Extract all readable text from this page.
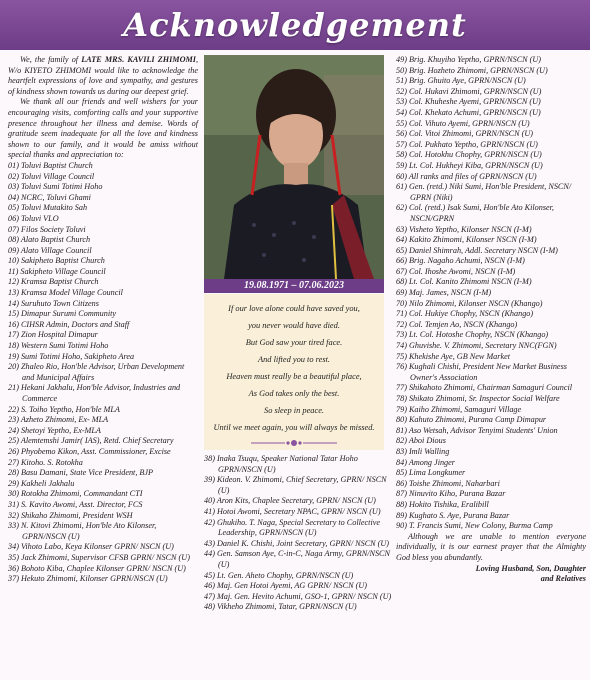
Acknowledgement

We, the family of LATE MRS. KAVILI ZHIMOMI, W/o KIYETO ZHIMOMI would like to acknowledge the heartfelt expressions of love and sympathy, and gestures of kindness shown towards us during our deepest grief.

We thank all our friends and well wishers for your encouraging visits, comforting calls and your supportive presence throughout her illness and demise. Words of gratitude seem inadequate for all the love and kindness shown to our family, and it would be amiss without special thanks and appreciation to:

01) Toluvi Baptist Church
02) Toluvi Village Council
03) Toluvi Sumi Totimi Hoho
04) NCRC, Toluvi Ghami
05) Toluvi Mutakito Sah
06) Toluvi VLO
07) Filos Society Toluvi
08) Alato Baptist Church
09) Alato Village Council
10) Sakipheto Baptist Church
11) Sakipheto Village Council
12) Kramsa Baptist Church
13) Kramsa Model Village Council
14) Suruhuto Town Citizens
15) Dimapur Surumi Community
16) CIHSR Admin, Doctors and Staff
17) Zion Hospital Dimapur
18) Western Sumi Totimi Hoho
19) Sumi Totimi Hoho, Sakipheto Area
20) Zhaleo Rio, Hon'ble Advisor, Urban Development and Municipal Affairs
21) Hekani Jakhalu, Hon'ble Advisor, Industries and Commerce
22) S. Toiho Yeptho, Hon'ble MLA
23) Azheto Zhimomi, Ex- MLA
24) Shetoyi Yeptho, Ex-MLA
25) Alemtemshi Jamir( IAS), Retd. Chief Secretary
26) Phyobemo Kikon, Asst. Commissioner, Excise
27) Kitoho. S. Rotokha
28) Basu Damani, State Vice President, BJP
29) Kakheli Jakhalu
30) Rotokha Zhimomi, Commandant CTI
31) S. Kavito Awomi, Asst. Director, FCS
32) Shikaho Zhimomi, President WSH
33) N. Kitovi Zhimomi, Hon'ble Ato Kilonser, GPRN/NSCN (U)
34) Vihoto Labo, Keya Kilonser GPRN/ NSCN (U)
35) Jack Zhimomi, Supervisor CFSB GPRN/ NSCN (U)
36) Bohoto Kiba, Chaplee Kilonser GPRN/ NSCN (U)
37) Hekuto Zhimomi, Kilonser GPRN/NSCN (U)
19.08.1971 – 07.06.2023
If our love alone could have saved you,
you never would have died.
But God saw your tired face.
And lifted you to rest.
Heaven must really be a beautiful place,
As God takes only the best.
So sleep in peace.
Until we meet again, you will always be missed.
38) Inaka Tsuqu, Speaker National Tatar Hoho GPRN/NSCN (U)
39) Kideon. V. Zhimomi, Chief Secretary, GPRN/ NSCN (U)
40) Aron Kits, Chaplee Secretary, GPRN/ NSCN (U)
41) Hotoi Awomi, Secretary NPAC, GPRN/ NSCN (U)
42) Ghukiho. T. Naga, Special Secretary to Collective Leadership, GPRN/NSCN (U)
43) Daniel K. Chishi, Joint Secretary, GPRN/ NSCN (U)
44) Gen. Samson Aye, C-in-C, Naga Army, GPRN/NSCN (U)
45) Lt. Gen. Aheto Chophy, GPRN/NSCN (U)
46) Maj. Gen Hotoi Ayemi, AG GPRN/ NSCN (U)
47) Maj. Gen. Hevito Achumi, GSO-1, GPRN/ NSCN (U)
48) Vikheho Zhimomi, Tatar, GPRN/NSCN (U)
49) Brig. Khuyiho Yeptho, GPRN/NSCN (U)
50) Brig. Hozheto Zhimomi, GPRN/NSCN (U)
51) Brig. Ghuito Aye, GPRN/NSCN (U)
52) Col. Hukavi Zhimomi, GPRN/NSCN (U)
53) Col. Khuheshe Ayemi, GPRN/NSCN (U)
54) Col. Khekato Achumi, GPRN/NSCN (U)
55) Col. Vihuto Ayemi, GPRN/NSCN (U)
56) Col. Vitoi Zhimomi, GPRN/NSCN (U)
57) Col. Pukhato Yeptho, GPRN/NSCN (U)
58) Col. Hotokhu Chophy, GPRN/NSCN (U)
59) Lt. Col. Hukheyi Kiba, GPRN/NSCN (U)
60) All ranks and files of GPRN/NSCN (U)
61) Gen. (retd.) Niki Sumi, Hon'ble President, NSCN/ GPRN (Niki)
62) Col. (retd.) Isak Sumi, Hon'ble Ato Kilonser, NSCN/GPRN
63) Visheto Yeptho, Kilonser NSCN (I-M)
64) Kakito Zhimomi, Kilonser NSCN (I-M)
65) Daniel Shimrah, Addl. Secretary NSCN (I-M)
66) Brig. Nagaho Achumi, NSCN (I-M)
67) Col. Ihoshe Awomi, NSCN (I-M)
68) Lt. Col. Kanito Zhimomi NSCN (I-M)
69) Maj. James, NSCN (I-M)
70) Nilo Zhimomi, Kilonser NSCN (Khango)
71) Col. Hukiye Chophy, NSCN (Khango)
72) Col. Temjen Ao, NSCN (Khango)
73) Lt. Col. Hotoshe Chophy, NSCN (Khango)
74) Ghuvishe. V. Zhimomi, Secretary NNC(FGN)
75) Khekishe Aye, GB New Market
76) Kughali Chishi, President New Market Business Owner's Association
77) Shikahoto Zhimomi, Chairman Samaguri Council
78) Shikato Zhimomi, Sr. Inspector Social Welfare
79) Kaiho Zhimomi, Samaguri Village
80) Kahuto Zhimomi, Purana Camp Dimapur
81) Aso Wetsah, Advisor Tenyimi Students' Union
82) Aboi Dious
83) Imli Walling
84) Among Jinger
85) Lima Longkumer
86) Toishe Zhimomi, Naharbari
87) Ninuvito Kiho, Purana Bazar
88) Hokito Tishika, Eralibill
89) Kughato S. Aye, Purana Bazar
90) T. Francis Sumi, New Colony, Burma Camp

Although we are unable to mention everyone individually, it is our earnest prayer that the Almighty God bless you abundantly.

Loving Husband, Son, Daughter
and Relatives
